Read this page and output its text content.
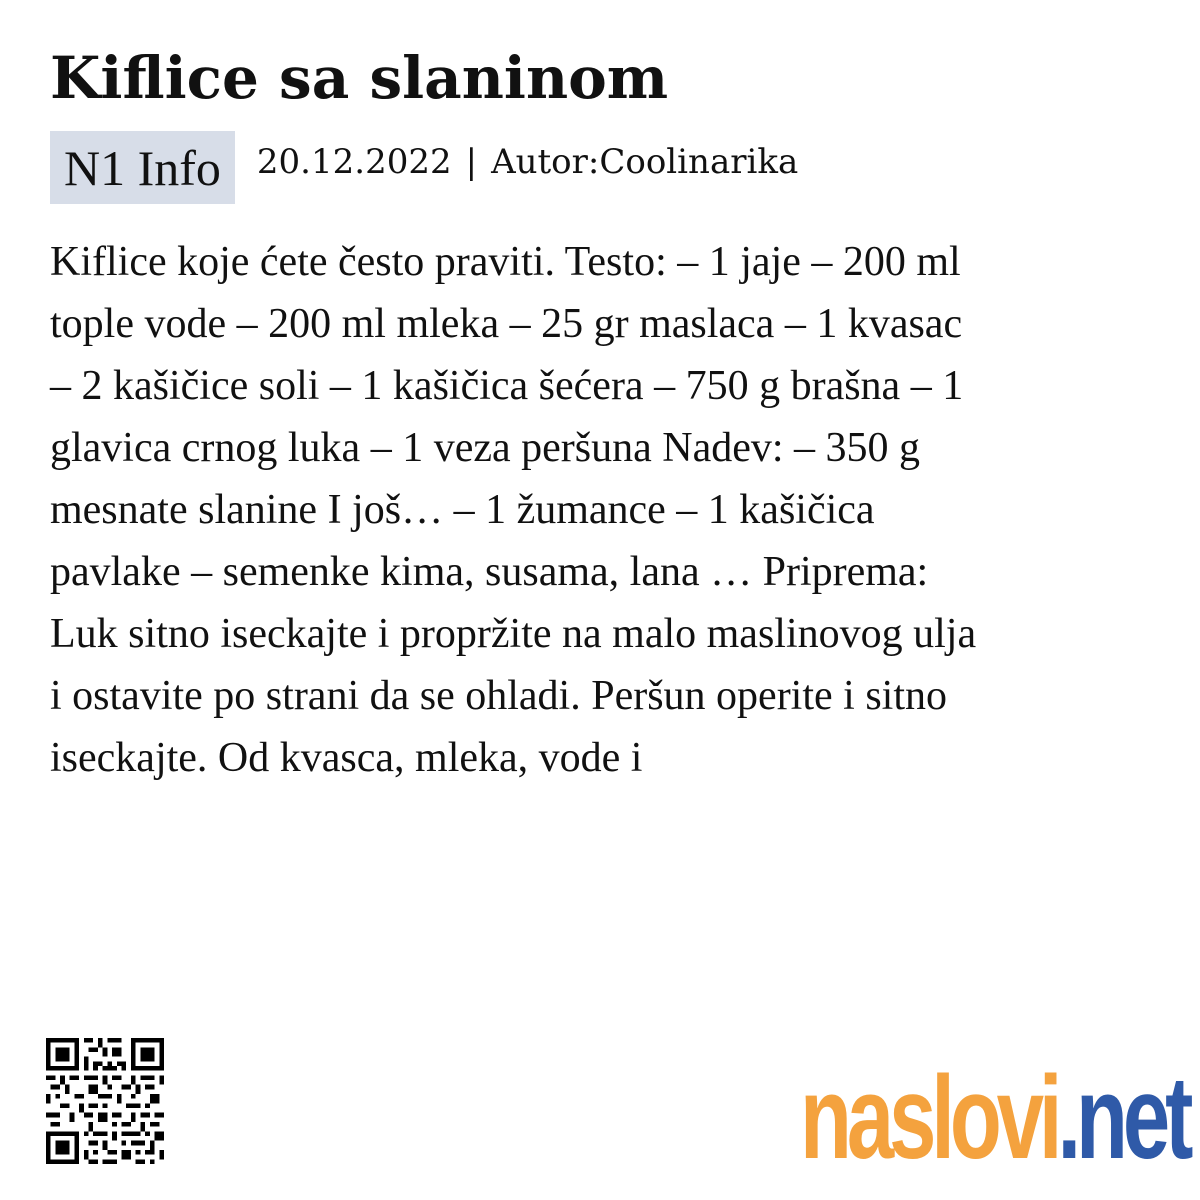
Kiflice sa slaninom
N1 Info	20.12.2022 | Autor:Coolinarika
Kiflice koje ćete često praviti. Testo: – 1 jaje – 200 ml
tople vode – 200 ml mleka – 25 gr maslaca – 1 kvasac
– 2 kašičice soli – 1 kašičica šećera – 750 g brašna – 1
glavica crnog luka – 1 veza peršuna Nadev: – 350 g
mesnate slanine I još… – 1 žumance – 1 kašičica
pavlake – semenke kima, susama, lana … Priprema:
Luk sitno iseckajte i propržite na malo maslinovog ulja
i ostavite po strani da se ohladi. Peršun operite i sitno
iseckajte. Od kvasca, mleka, vode i
naslovi .net
